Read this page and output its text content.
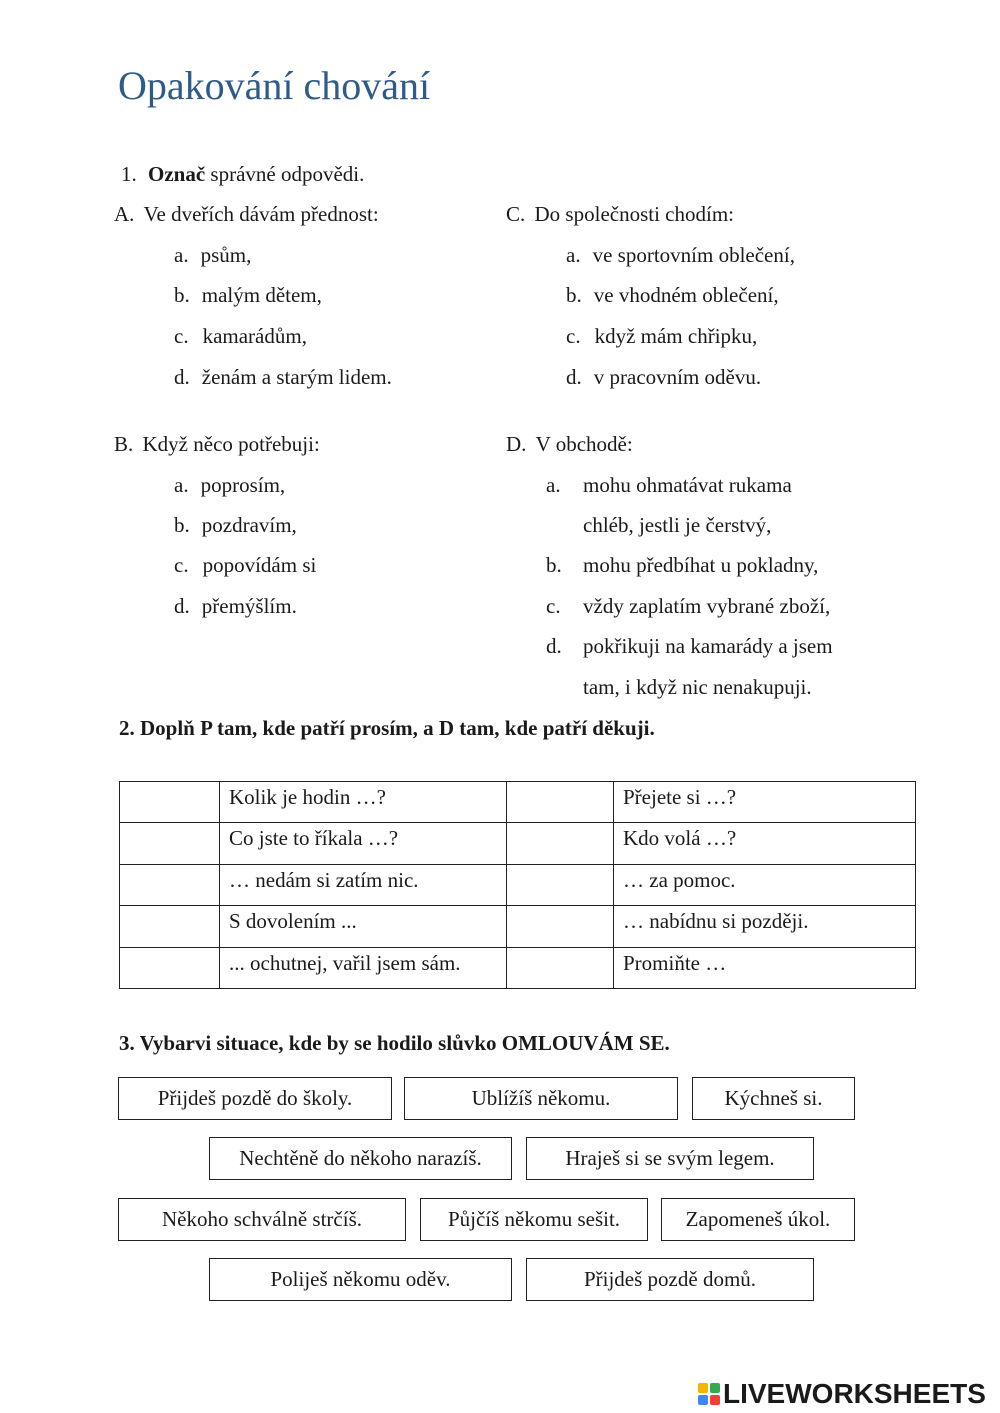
Opakování chování
1. Označ správné odpovědi.
A. Ve dveřích dávám přednost:
a. psům,
b. malým dětem,
c. kamarádům,
d. ženám a starým lidem.
B. Když něco potřebuji:
a. poprosím,
b. pozdravím,
c. popovídám si
d. přemýšlím.
C. Do společnosti chodím:
a. ve sportovním oblečení,
b. ve vhodném oblečení,
c. když mám chřipku,
d. v pracovním oděvu.
D. V obchodě:
a. mohu ohmatávat rukama
chléb, jestli je čerstvý,
b. mohu předbíhat u pokladny,
c. vždy zaplatím vybrané zboží,
d. pokřikuji na kamarády a jsem
tam, i když nic nenakupuji.
2. Doplň P tam, kde patří prosím, a D tam, kde patří děkuji.
	Kolik je hodin …?		Přejete si …?
	Co jste to říkala …?		Kdo volá …?
	… nedám si zatím nic.		… za pomoc.
	S dovolením ...		… nabídnu si později.
	... ochutnej, vařil jsem sám.		Promiňte …
3. Vybarvi situace, kde by se hodilo slůvko OMLOUVÁM SE.
Přijdeš pozdě do školy.	Ublížíš někomu.	Kýchneš si.
Nechtěně do někoho narazíš.	Hraješ si se svým legem.
Někoho schválně strčíš.	Půjčíš někomu sešit.	Zapomeneš úkol.
Poliješ někomu oděv.	Přijdeš pozdě domů.
LIVEWORKSHEETS
